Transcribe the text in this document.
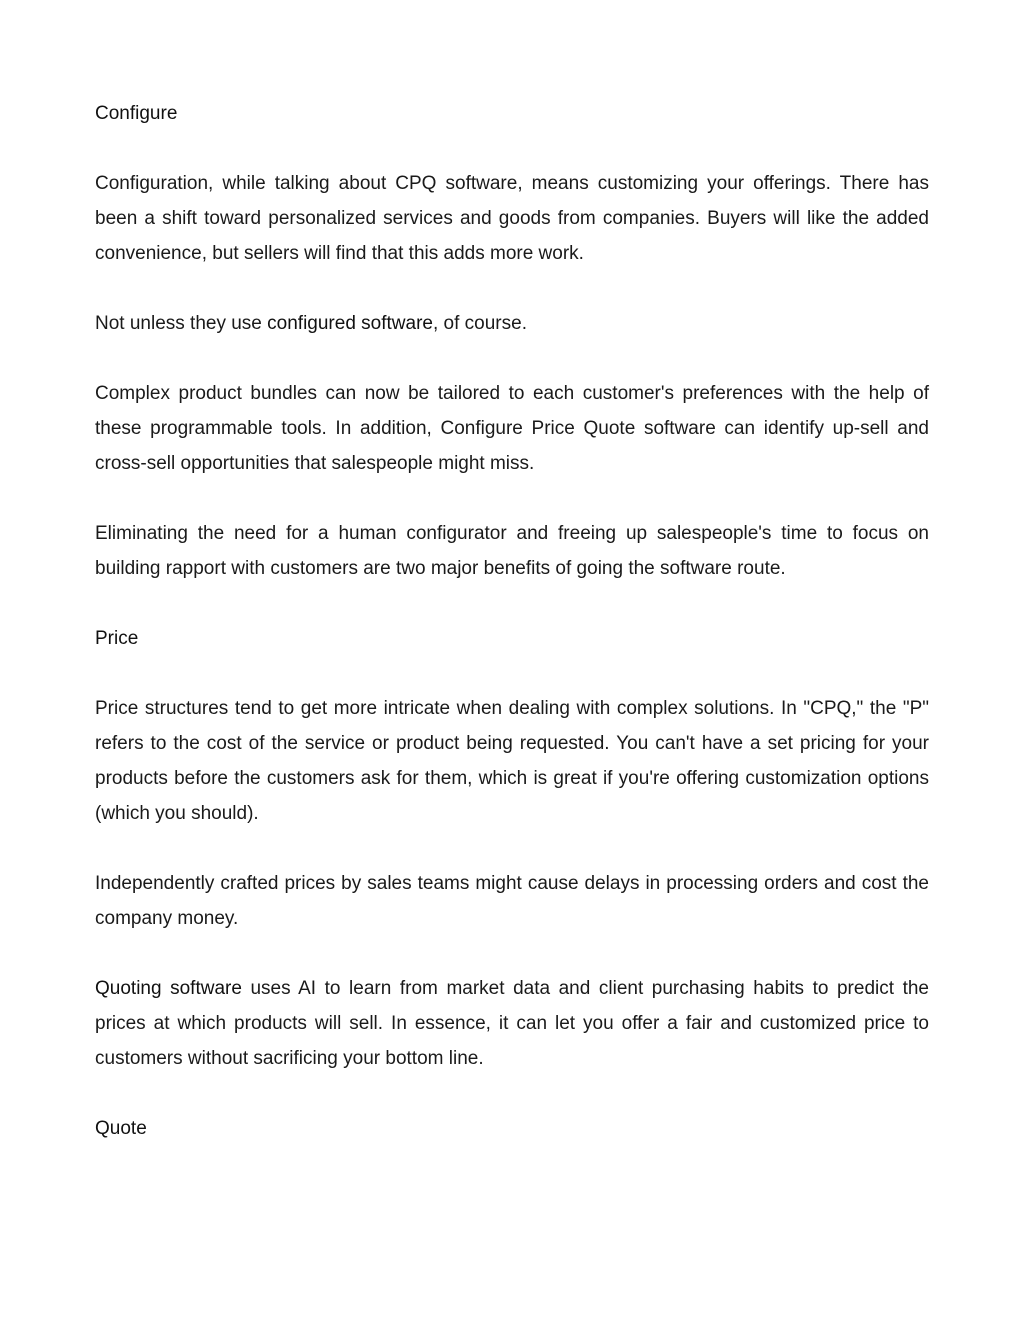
Configure

Configuration, while talking about CPQ software, means customizing your offerings. There has been a shift toward personalized services and goods from companies. Buyers will like the added convenience, but sellers will find that this adds more work.

Not unless they use configured software, of course.

Complex product bundles can now be tailored to each customer's preferences with the help of these programmable tools. In addition, Configure Price Quote software can identify up-sell and cross-sell opportunities that salespeople might miss.

Eliminating the need for a human configurator and freeing up salespeople's time to focus on building rapport with customers are two major benefits of going the software route.

Price

Price structures tend to get more intricate when dealing with complex solutions. In "CPQ," the "P" refers to the cost of the service or product being requested. You can't have a set pricing for your products before the customers ask for them, which is great if you're offering customization options (which you should).

Independently crafted prices by sales teams might cause delays in processing orders and cost the company money.

Quoting software uses AI to learn from market data and client purchasing habits to predict the prices at which products will sell. In essence, it can let you offer a fair and customized price to customers without sacrificing your bottom line.

Quote
